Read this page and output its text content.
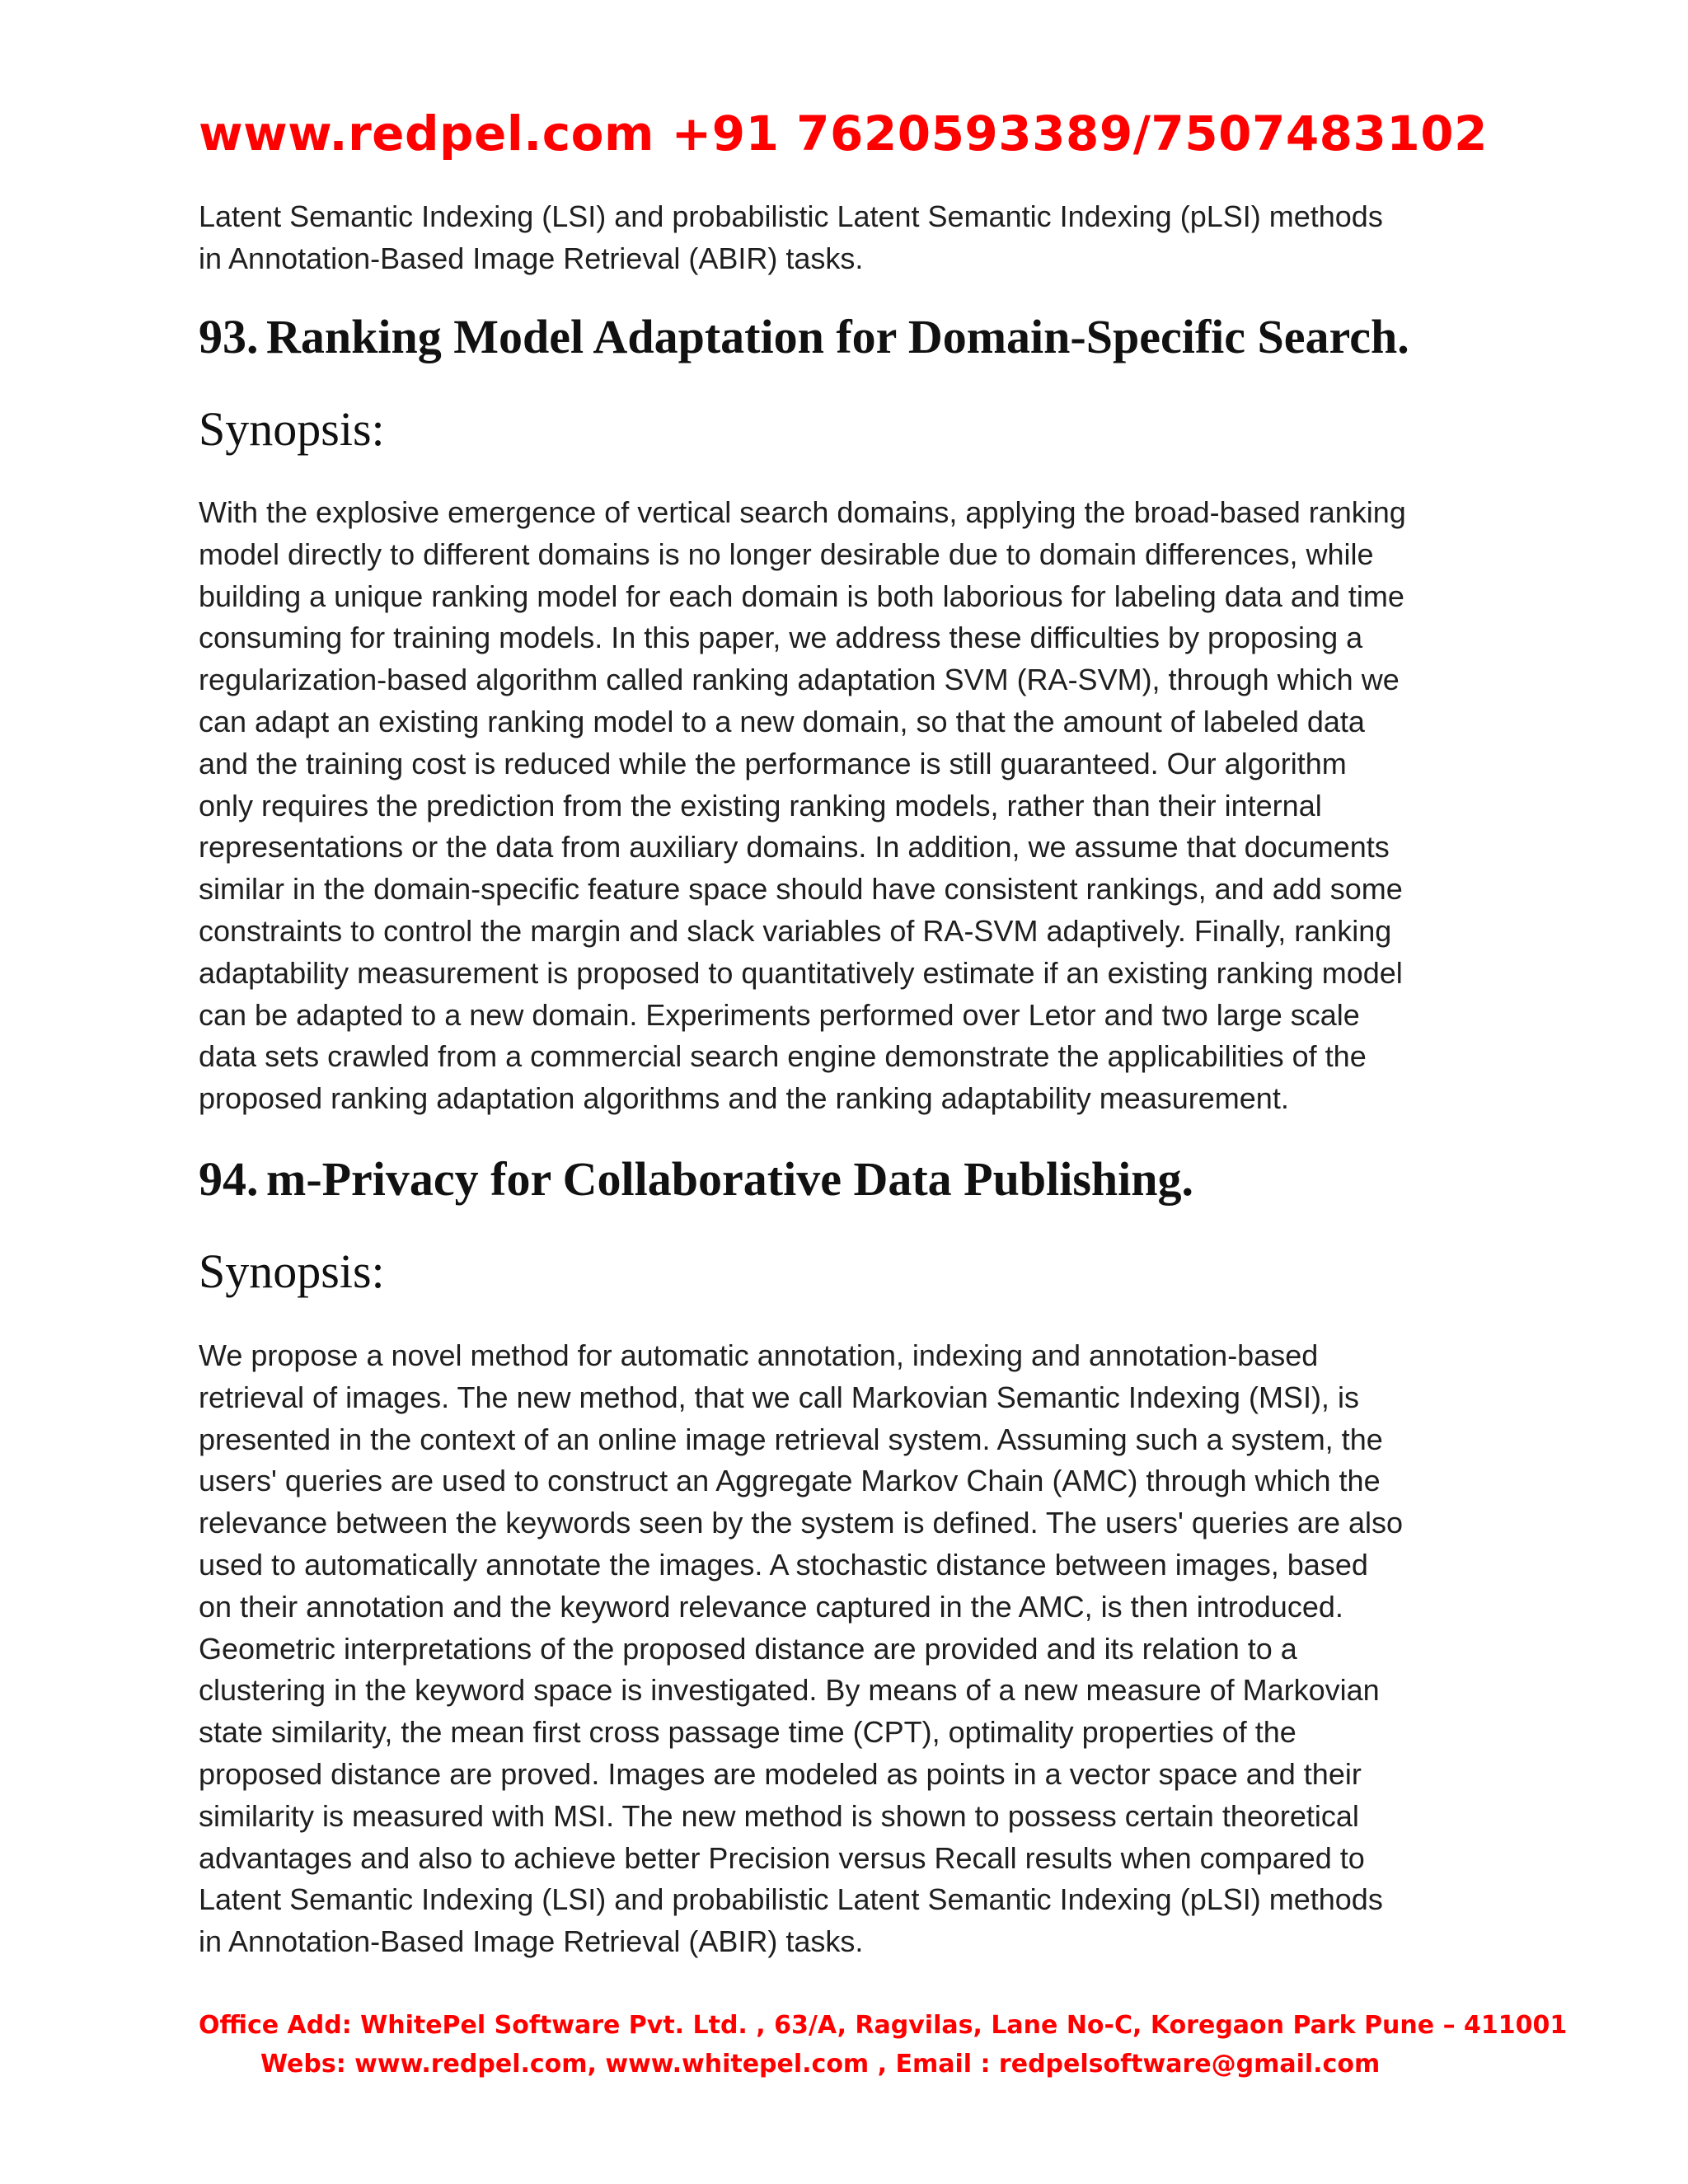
www.redpel.com +91 7620593389/7507483102
Latent Semantic Indexing (LSI) and probabilistic Latent Semantic Indexing (pLSI) methods
in Annotation-Based Image Retrieval (ABIR) tasks.
93. Ranking Model Adaptation for Domain-Specific Search.
Synopsis:
With the explosive emergence of vertical search domains, applying the broad-based ranking
model directly to different domains is no longer desirable due to domain differences, while
building a unique ranking model for each domain is both laborious for labeling data and time
consuming for training models. In this paper, we address these difficulties by proposing a
regularization-based algorithm called ranking adaptation SVM (RA-SVM), through which we
can adapt an existing ranking model to a new domain, so that the amount of labeled data
and the training cost is reduced while the performance is still guaranteed. Our algorithm
only requires the prediction from the existing ranking models, rather than their internal
representations or the data from auxiliary domains. In addition, we assume that documents
similar in the domain-specific feature space should have consistent rankings, and add some
constraints to control the margin and slack variables of RA-SVM adaptively. Finally, ranking
adaptability measurement is proposed to quantitatively estimate if an existing ranking model
can be adapted to a new domain. Experiments performed over Letor and two large scale
data sets crawled from a commercial search engine demonstrate the applicabilities of the
proposed ranking adaptation algorithms and the ranking adaptability measurement.
94. m-Privacy for Collaborative Data Publishing.
Synopsis:
We propose a novel method for automatic annotation, indexing and annotation-based
retrieval of images. The new method, that we call Markovian Semantic Indexing (MSI), is
presented in the context of an online image retrieval system. Assuming such a system, the
users' queries are used to construct an Aggregate Markov Chain (AMC) through which the
relevance between the keywords seen by the system is defined. The users' queries are also
used to automatically annotate the images. A stochastic distance between images, based
on their annotation and the keyword relevance captured in the AMC, is then introduced.
Geometric interpretations of the proposed distance are provided and its relation to a
clustering in the keyword space is investigated. By means of a new measure of Markovian
state similarity, the mean first cross passage time (CPT), optimality properties of the
proposed distance are proved. Images are modeled as points in a vector space and their
similarity is measured with MSI. The new method is shown to possess certain theoretical
advantages and also to achieve better Precision versus Recall results when compared to
Latent Semantic Indexing (LSI) and probabilistic Latent Semantic Indexing (pLSI) methods
in Annotation-Based Image Retrieval (ABIR) tasks.
Office Add: WhitePel Software Pvt. Ltd. , 63/A, Ragvilas, Lane No-C, Koregaon Park Pune – 411001
Webs: www.redpel.com, www.whitepel.com , Email : redpelsoftware@gmail.com
